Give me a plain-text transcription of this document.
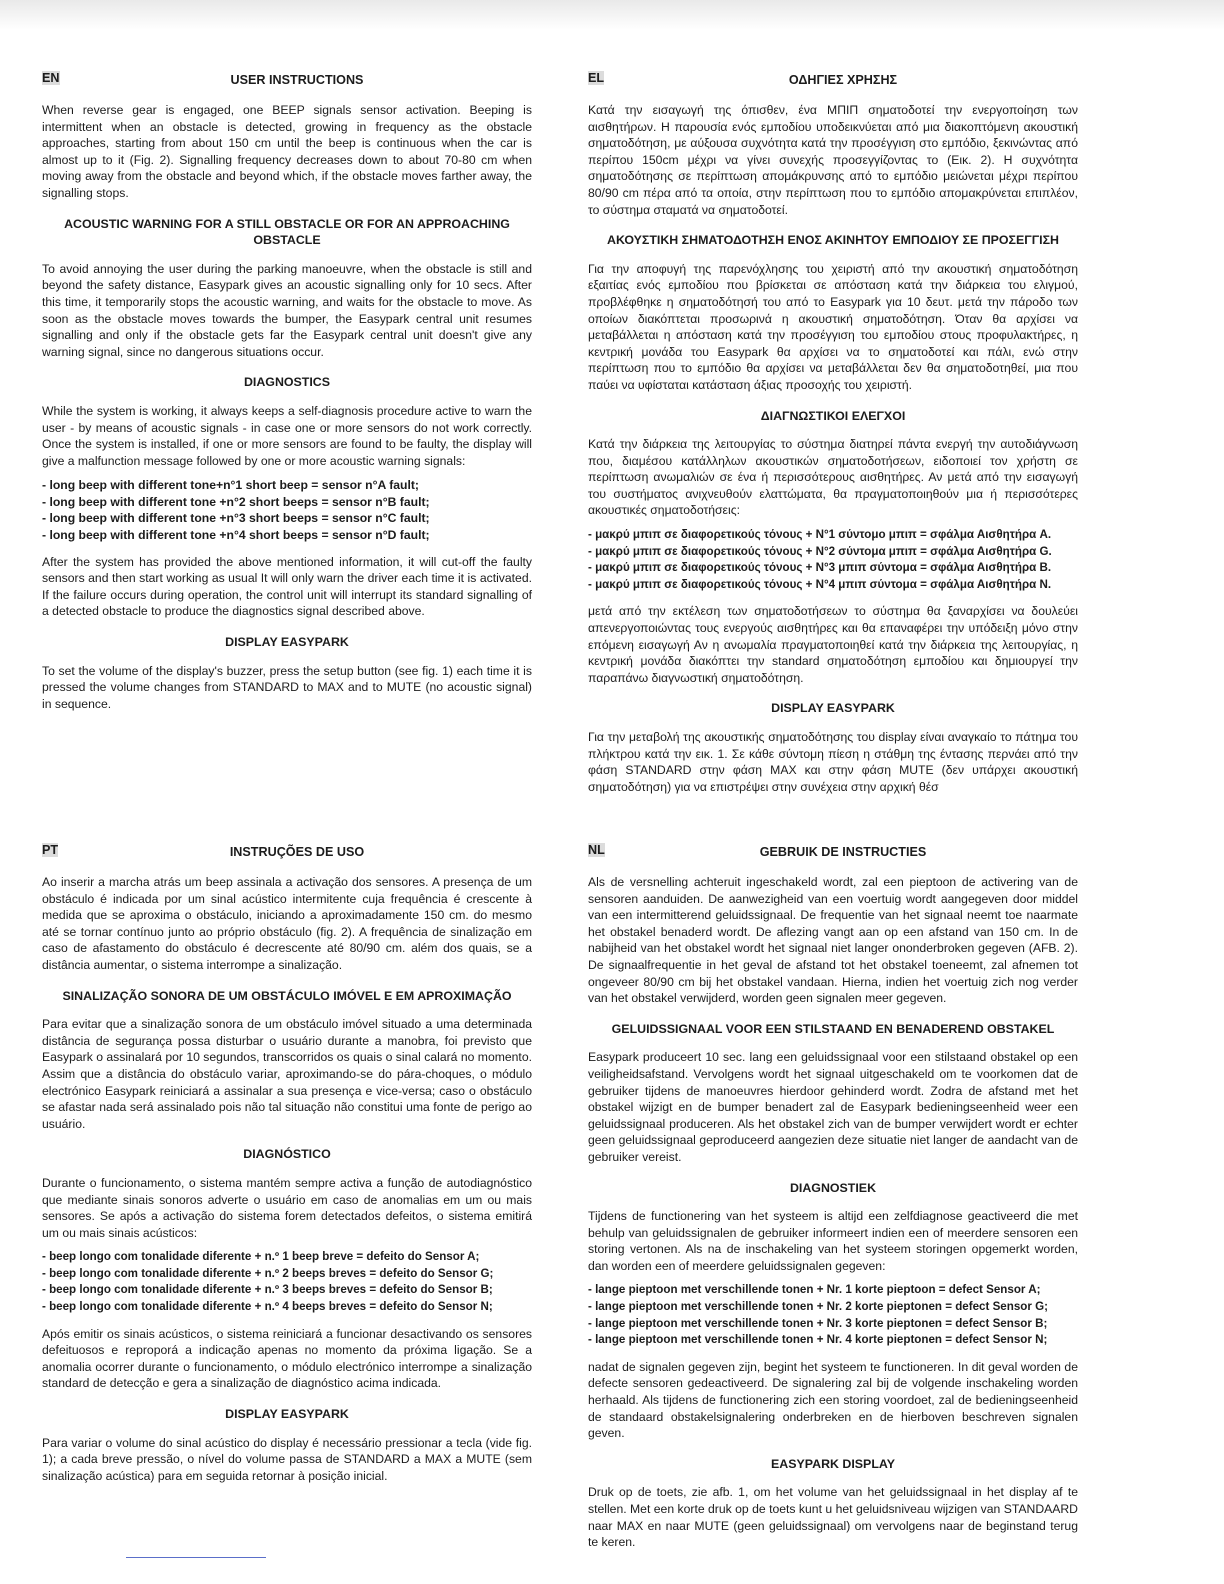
EN	USER INSTRUCTIONS

When reverse gear is engaged, one BEEP signals sensor activation. Beeping is intermittent when an obstacle is detected, growing in frequency as the obstacle approaches, starting from about 150 cm until the beep is continuous when the car is almost up to it (Fig. 2). Signalling frequency decreases down to about 70-80 cm when moving away from the obstacle and beyond which, if the obstacle moves farther away, the signalling stops.

ACOUSTIC WARNING FOR A STILL OBSTACLE OR FOR AN APPROACHING OBSTACLE

To avoid annoying the user during the parking manoeuvre, when the obstacle is still and beyond the safety distance, Easypark gives an acoustic signalling only for 10 secs. After this time, it temporarily stops the acoustic warning, and waits for the obstacle to move. As soon as the obstacle moves towards the bumper, the Easypark central unit resumes signalling and only if the obstacle gets far the Easypark central unit doesn't give any warning signal, since no dangerous situations occur.

DIAGNOSTICS

While the system is working, it always keeps a self-diagnosis procedure active to warn the user - by means of acoustic signals - in case one or more sensors do not work correctly. Once the system is installed, if one or more sensors are found to be faulty, the display will give a malfunction message followed by one or more acoustic warning signals:

- long beep with different tone+n°1 short beep = sensor n°A fault;
- long beep with different tone +n°2 short beeps = sensor n°B fault;
- long beep with different tone +n°3 short beeps = sensor n°C fault;
- long beep with different tone +n°4 short beeps = sensor n°D fault;

After the system has provided the above mentioned information, it will cut-off the faulty sensors and then start working as usual It will only warn the driver each time it is activated. If the failure occurs during operation, the control unit will interrupt its standard signalling of a detected obstacle to produce the diagnostics signal described above.

DISPLAY EASYPARK

To set the volume of the display's buzzer, press the setup button (see fig. 1) each time it is pressed the volume changes from STANDARD to MAX and to MUTE (no acoustic signal) in sequence.

EL	ΟΔΗΓΙΕΣ ΧΡΗΣΗΣ

Κατά την εισαγωγή της όπισθεν, ένα ΜΠΙΠ σηματοδοτεί την ενεργοποίηση των αισθητήρων. Η παρουσία ενός εμποδίου υποδεικνύεται από μια διακοπτόμενη ακουστική σηματοδότηση, με αύξουσα συχνότητα κατά την προσέγγιση στο εμπόδιο, ξεκινώντας από περίπου 150cm μέχρι να γίνει συνεχής προσεγγίζοντας το (Εικ. 2). Η συχνότητα σηματοδότησης σε περίπτωση απομάκρυνσης από το εμπόδιο μειώνεται μέχρι περίπου 80/90 cm πέρα από τα οποία, στην περίπτωση που το εμπόδιο απομακρύνεται επιπλέον, το σύστημα σταματά να σηματοδοτεί.

ΑΚΟΥΣΤΙΚΗ ΣΗΜΑΤΟΔΟΤΗΣΗ ΕΝΟΣ ΑΚΙΝΗΤΟΥ ΕΜΠΟΔΙΟΥ ΣΕ ΠΡΟΣΕΓΓΙΣΗ

Για την αποφυγή της παρενόχλησης του χειριστή από την ακουστική σηματοδότηση εξαιτίας ενός εμποδίου που βρίσκεται σε απόσταση κατά την διάρκεια του ελιγμού, προβλέφθηκε η σηματοδότησή του από το Easypark για 10 δευτ. μετά την πάροδο των οποίων διακόπτεται προσωρινά η ακουστική σηματοδότηση. Όταν θα αρχίσει να μεταβάλλεται η απόσταση κατά την προσέγγιση του εμποδίου στους προφυλακτήρες, η κεντρική μονάδα του Easypark θα αρχίσει να το σηματοδοτεί και πάλι, ενώ στην περίπτωση που το εμπόδιο θα αρχίσει να μεταβάλλεται δεν θα σηματοδοτηθεί, μια που παύει να υφίσταται κατάσταση άξιας προσοχής του χειριστή.

ΔΙΑΓΝΩΣΤΙΚΟΙ ΕΛΕΓΧΟΙ

Κατά την διάρκεια της λειτουργίας το σύστημα διατηρεί πάντα ενεργή την αυτοδιάγνωση που, διαμέσου κατάλληλων ακουστικών σηματοδοτήσεων, ειδοποιεί τον χρήστη σε περίπτωση ανωμαλιών σε ένα ή περισσότερους αισθητήρες. Αν μετά από την εισαγωγή του συστήματος ανιχνευθούν ελαττώματα, θα πραγματοποιηθούν μια ή περισσότερες ακουστικές σηματοδοτήσεις:

- μακρύ μπιπ σε διαφορετικούς τόνους + N°1 σύντομο μπιπ = σφάλμα Αισθητήρα A.
- μακρύ μπιπ σε διαφορετικούς τόνους + N°2 σύντομα μπιπ = σφάλμα Αισθητήρα G.
- μακρύ μπιπ σε διαφορετικούς τόνους + N°3 μπιπ σύντομα = σφάλμα Αισθητήρα B.
- μακρύ μπιπ σε διαφορετικούς τόνους + N°4 μπιπ σύντομα = σφάλμα Αισθητήρα N.

μετά από την εκτέλεση των σηματοδοτήσεων το σύστημα θα ξαναρχίσει να δουλεύει απενεργοποιώντας τους ενεργούς αισθητήρες και θα επαναφέρει την υπόδειξη μόνο στην επόμενη εισαγωγή Αν η ανωμαλία πραγματοποιηθεί κατά την διάρκεια της λειτουργίας, η κεντρική μονάδα διακόπτει την standard σηματοδότηση εμποδίου και δημιουργεί την παραπάνω διαγνωστική σηματοδότηση.

DISPLAY EASYPARK

Για την μεταβολή της ακουστικής σηματοδότησης του display είναι αναγκαίο το πάτημα του πλήκτρου κατά την εικ. 1. Σε κάθε σύντομη πίεση η στάθμη της έντασης περνάει από την φάση STANDARD στην φάση MAX και στην φάση MUTE (δεν υπάρχει ακουστική σηματοδότηση) για να επιστρέψει στην συνέχεια στην αρχική θέσ

PT	INSTRUÇÕES DE USO

Ao inserir a marcha atrás um beep assinala a activação dos sensores. A presença de um obstáculo é indicada por um sinal acústico intermitente cuja frequência é crescente à medida que se aproxima o obstáculo, iniciando a aproximadamente 150 cm. do mesmo até se tornar contínuo junto ao próprio obstáculo (fig. 2). A frequência de sinalização em caso de afastamento do obstáculo é decrescente até 80/90 cm. além dos quais, se a distância aumentar, o sistema interrompe a sinalização.

SINALIZAÇÃO SONORA DE UM OBSTÁCULO IMÓVEL E EM APROXIMAÇÃO

Para evitar que a sinalização sonora de um obstáculo imóvel situado a uma determinada distância de segurança possa disturbar o usuário durante a manobra, foi previsto que Easypark o assinalará por 10 segundos, transcorridos os quais o sinal calará no momento. Assim que a distância do obstáculo variar, aproximando-se do pára-choques, o módulo electrónico Easypark reiniciará a assinalar a sua presença e vice-versa; caso o obstáculo se afastar nada será assinalado pois não tal situação não constitui uma fonte de perigo ao usuário.

DIAGNÓSTICO

Durante o funcionamento, o sistema mantém sempre activa a função de autodiagnóstico que mediante sinais sonoros adverte o usuário em caso de anomalias em um ou mais sensores. Se após a activação do sistema forem detectados defeitos, o sistema emitirá um ou mais sinais acústicos:

- beep longo com tonalidade diferente + n.º 1 beep breve = defeito do Sensor A;
- beep longo com tonalidade diferente + n.º 2 beeps breves = defeito do Sensor G;
- beep longo com tonalidade diferente + n.º 3 beeps breves = defeito do Sensor B;
- beep longo com tonalidade diferente + n.º 4 beeps breves = defeito do Sensor N;

Após emitir os sinais acústicos, o sistema reiniciará a funcionar desactivando os sensores defeituosos e reproporá a indicação apenas no momento da próxima ligação. Se a anomalia ocorrer durante o funcionamento, o módulo electrónico interrompe a sinalização standard de detecção e gera a sinalização de diagnóstico acima indicada.

DISPLAY EASYPARK

Para variar o volume do sinal acústico do display é necessário pressionar a tecla (vide fig. 1); a cada breve pressão, o nível do volume passa de STANDARD a MAX a MUTE (sem sinalização acústica) para em seguida retornar à posição inicial.

NL	GEBRUIK DE INSTRUCTIES

Als de versnelling achteruit ingeschakeld wordt, zal een pieptoon de activering van de sensoren aanduiden. De aanwezigheid van een voertuig wordt aangegeven door middel van een intermitterend geluidssignaal. De frequentie van het signaal neemt toe naarmate het obstakel benaderd wordt. De aflezing vangt aan op een afstand van 150 cm. In de nabijheid van het obstakel wordt het signaal niet langer ononderbroken gegeven (AFB. 2). De signaalfrequentie in het geval de afstand tot het obstakel toeneemt, zal afnemen tot ongeveer 80/90 cm bij het obstakel vandaan. Hierna, indien het voertuig zich nog verder van het obstakel verwijderd, worden geen signalen meer gegeven.

GELUIDSSIGNAAL VOOR EEN STILSTAAND EN BENADEREND OBSTAKEL

Easypark produceert 10 sec. lang een geluidssignaal voor een stilstaand obstakel op een veiligheidsafstand. Vervolgens wordt het signaal uitgeschakeld om te voorkomen dat de gebruiker tijdens de manoeuvres hierdoor gehinderd wordt. Zodra de afstand met het obstakel wijzigt en de bumper benadert zal de Easypark bedieningseenheid weer een geluidssignaal produceren. Als het obstakel zich van de bumper verwijdert wordt er echter geen geluidssignaal geproduceerd aangezien deze situatie niet langer de aandacht van de gebruiker vereist.

DIAGNOSTIEK

Tijdens de functionering van het systeem is altijd een zelfdiagnose geactiveerd die met behulp van geluidssignalen de gebruiker informeert indien een of meerdere sensoren een storing vertonen. Als na de inschakeling van het systeem storingen opgemerkt worden, dan worden een of meerdere geluidssignalen gegeven:

- lange pieptoon met verschillende tonen + Nr. 1 korte pieptoon = defect Sensor A;
- lange pieptoon met verschillende tonen + Nr. 2 korte pieptonen = defect Sensor G;
- lange pieptoon met verschillende tonen + Nr. 3 korte pieptonen = defect Sensor B;
- lange pieptoon met verschillende tonen + Nr. 4 korte pieptonen = defect Sensor N;

nadat de signalen gegeven zijn, begint het systeem te functioneren. In dit geval worden de defecte sensoren gedeactiveerd. De signalering zal bij de volgende inschakeling worden herhaald. Als tijdens de functionering zich een storing voordoet, zal de bedieningseenheid de standaard obstakelsignalering onderbreken en de hierboven beschreven signalen geven.

EASYPARK DISPLAY

Druk op de toets, zie afb. 1, om het volume van het geluidssignaal in het display af te stellen. Met een korte druk op de toets kunt u het geluidsniveau wijzigen van STANDAARD naar MAX en naar MUTE (geen geluidssignaal) om vervolgens naar de beginstand terug te keren.
